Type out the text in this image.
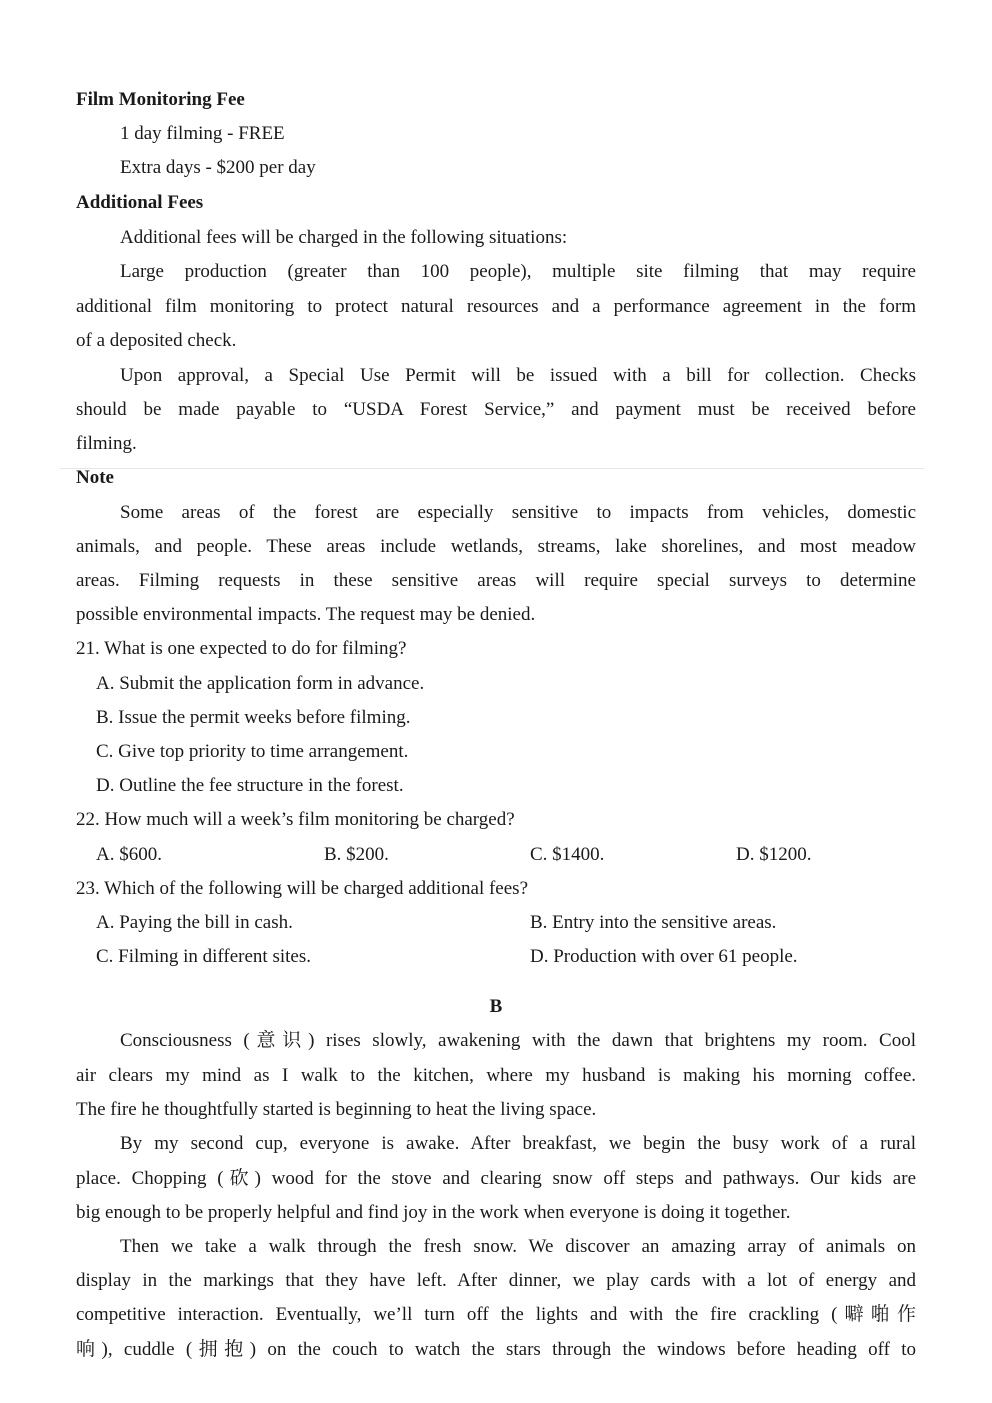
Film Monitoring Fee
1 day filming - FREE
Extra days - $200 per day
Additional Fees
Additional fees will be charged in the following situations:
Large production (greater than 100 people), multiple site filming that may require
additional film monitoring to protect natural resources and a performance agreement in the form
of a deposited check.
Upon approval, a Special Use Permit will be issued with a bill for collection. Checks
should be made payable to “USDA Forest Service,” and payment must be received before
filming.
Note
Some areas of the forest are especially sensitive to impacts from vehicles, domestic
animals, and people. These areas include wetlands, streams, lake shorelines, and most meadow
areas. Filming requests in these sensitive areas will require special surveys to determine
possible environmental impacts. The request may be denied.
21. What is one expected to do for filming?
A. Submit the application form in advance.
B. Issue the permit weeks before filming.
C. Give top priority to time arrangement.
D. Outline the fee structure in the forest.
22. How much will a week’s film monitoring be charged?
A. $600.	B. $200.	C. $1400.	D. $1200.
23. Which of the following will be charged additional fees?
A. Paying the bill in cash.	B. Entry into the sensitive areas.
C. Filming in different sites.	D. Production with over 61 people.
B
Consciousness (意识) rises slowly, awakening with the dawn that brightens my room. Cool
air clears my mind as I walk to the kitchen, where my husband is making his morning coffee.
The fire he thoughtfully started is beginning to heat the living space.
By my second cup, everyone is awake. After breakfast, we begin the busy work of a rural
place. Chopping (砍) wood for the stove and clearing snow off steps and pathways. Our kids are
big enough to be properly helpful and find joy in the work when everyone is doing it together.
Then we take a walk through the fresh snow. We discover an amazing array of animals on
display in the markings that they have left. After dinner, we play cards with a lot of energy and
competitive interaction. Eventually, we’ll turn off the lights and with the fire crackling (噼啪作
响), cuddle (拥抱) on the couch to watch the stars through the windows before heading off to
